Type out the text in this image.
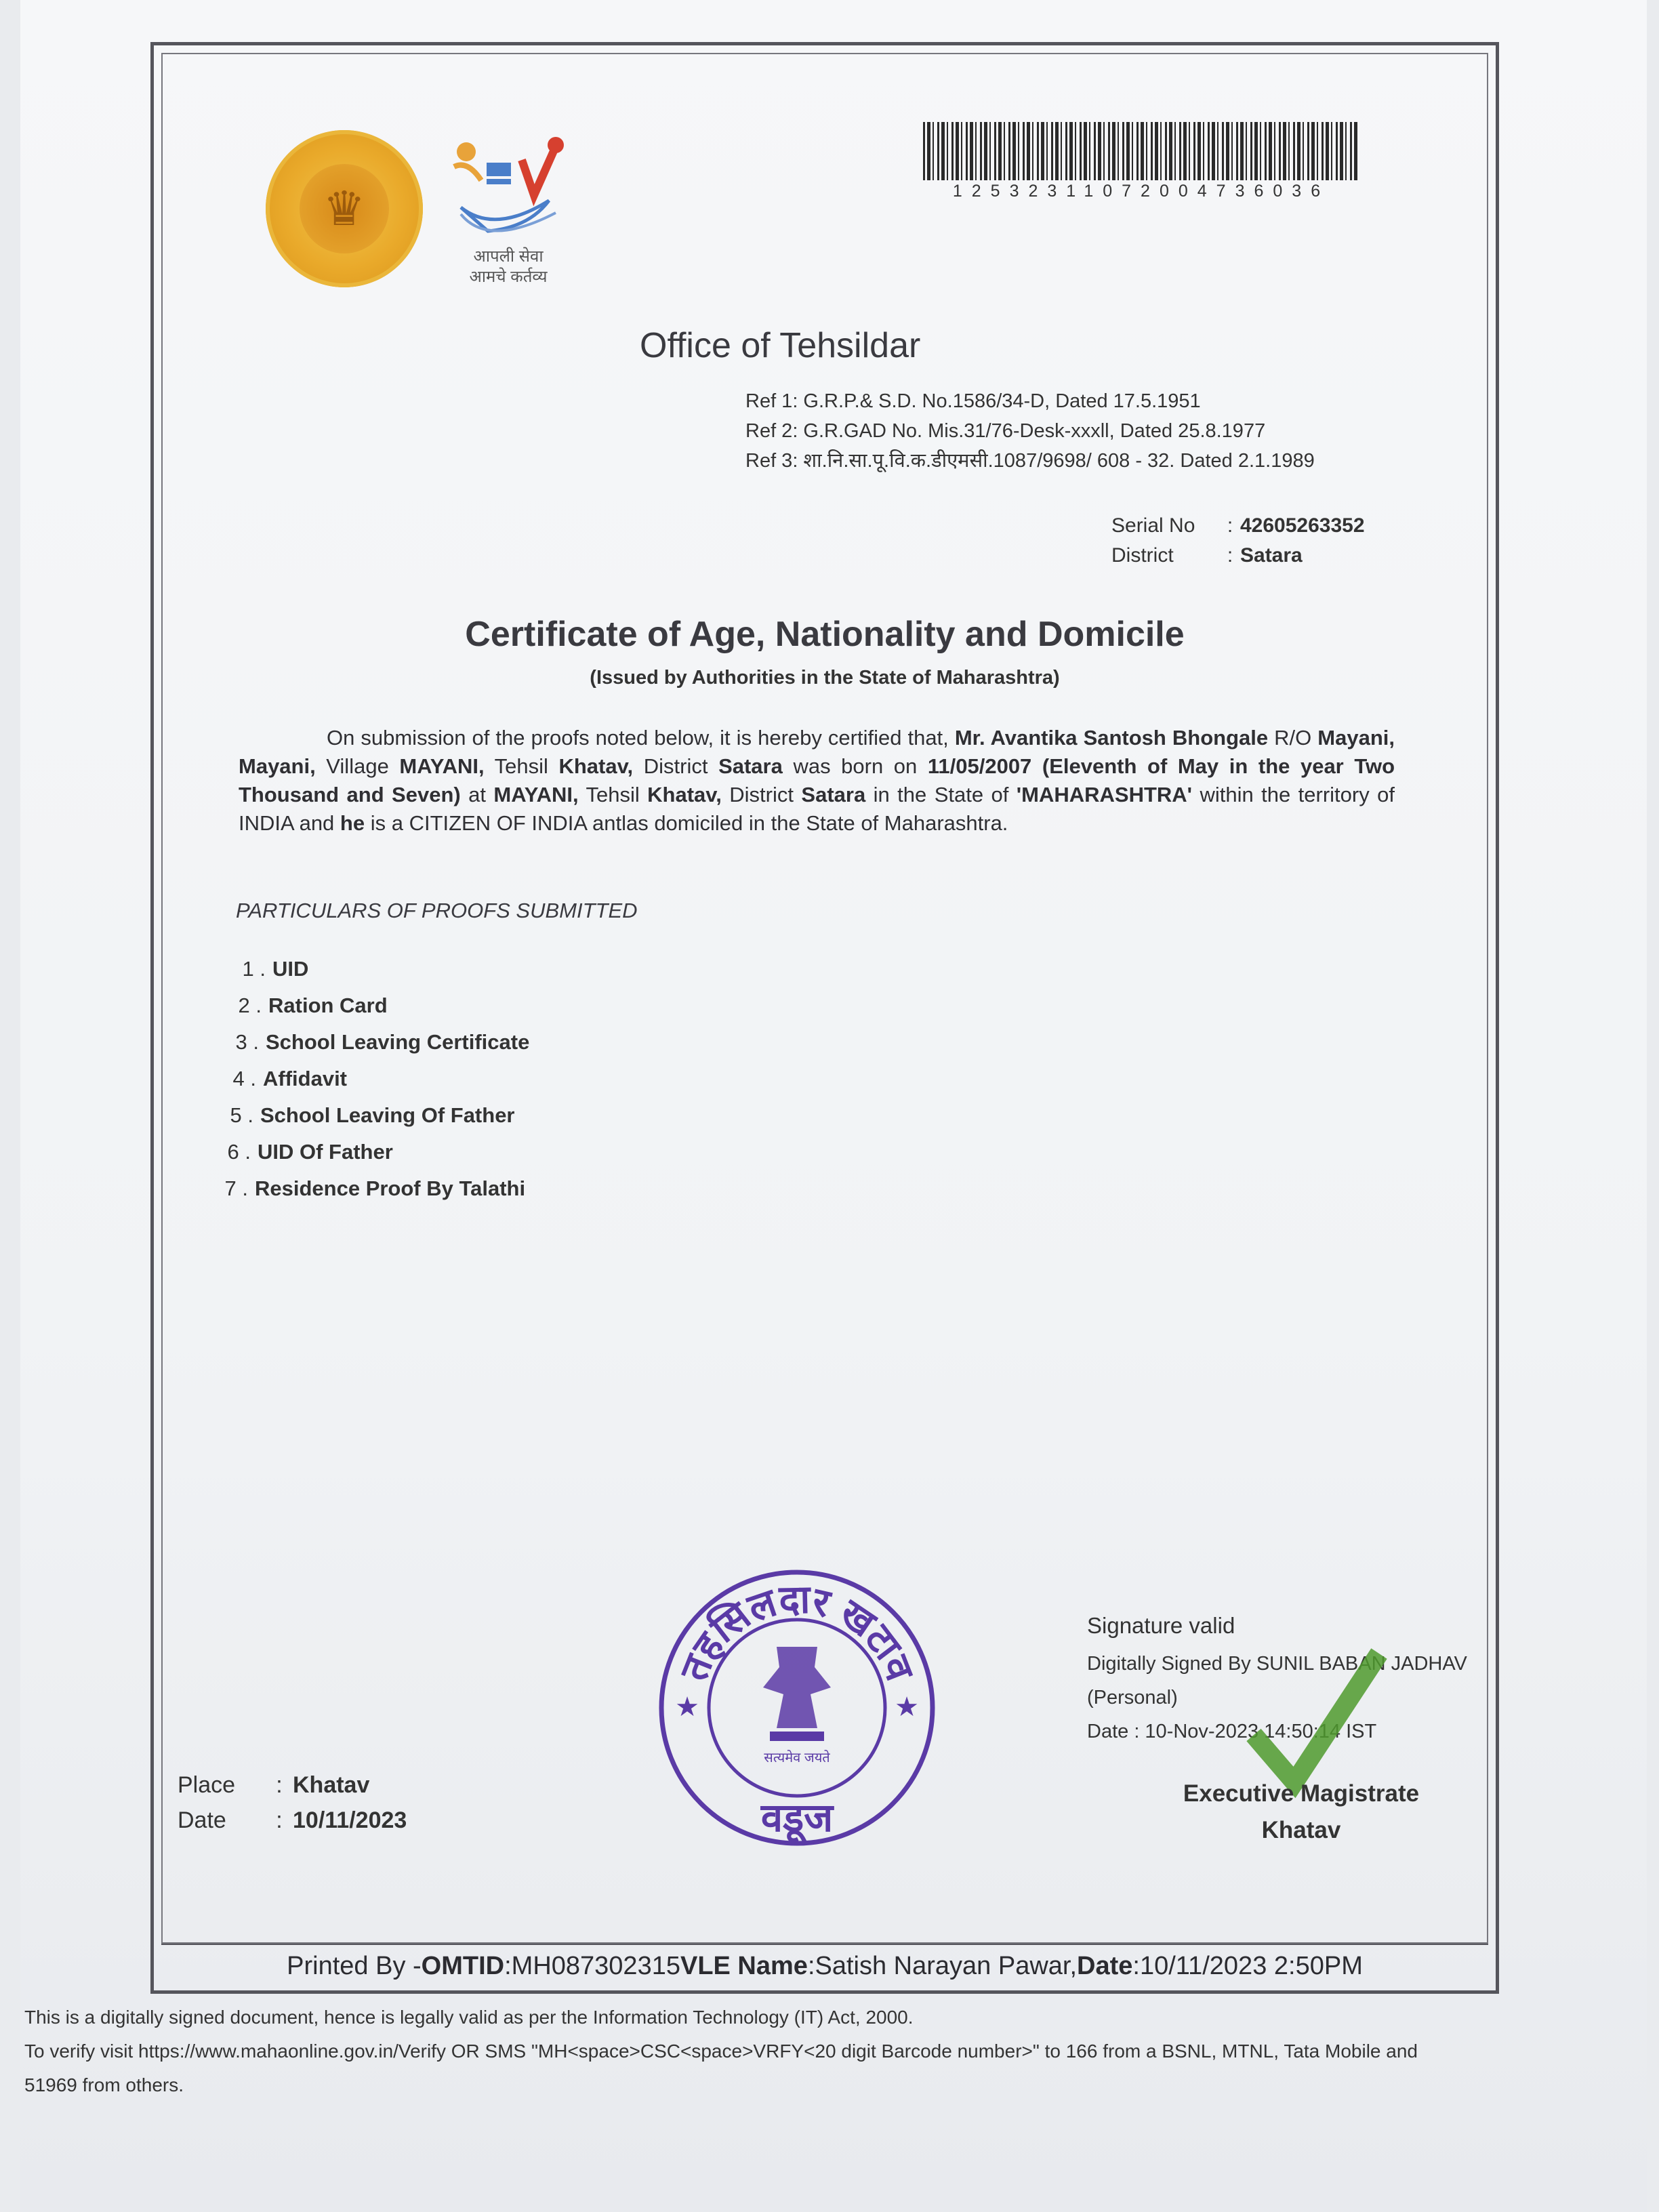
♛
आपली सेवा
आमचे कर्तव्य
125323110720047360​36
Office of Tehsildar
Ref 1: G.R.P.& S.D. No.1586/34-D, Dated 17.5.1951
Ref 2: G.R.GAD No. Mis.31/76-Desk-xxxll, Dated 25.8.1977
Ref 3: शा.नि.सा.पू.वि.क.डीएमसी.1087/9698/ 608 - 32. Dated 2.1.1989
Serial No : 42605263352
District	: Satara
Certificate of Age, Nationality and Domicile
(Issued by Authorities in the State of Maharashtra)
On submission of the proofs noted below, it is hereby certified that, Mr. Avantika Santosh Bhongale R/O Mayani, Mayani, Village MAYANI, Tehsil Khatav, District Satara was born on 11/05/2007 (Eleventh of May in the year Two Thousand and Seven) at MAYANI, Tehsil Khatav, District Satara in the State of 'MAHARASHTRA' within the territory of INDIA and he is a CITIZEN OF INDIA antlas domiciled in the State of Maharashtra.
PARTICULARS OF PROOFS SUBMITTED
1 . UID
2 . Ration Card
3 . School Leaving Certificate
4 . Affidavit
5 . School Leaving Of Father
6 . UID Of Father
7 . Residence Proof By Talathi
Place : Khatav
Date : 10/11/2023
तहसिलदार खटाव
वडूज
★	★
सत्यमेव जयते
Signature valid
Digitally Signed By SUNIL BABAN JADHAV
(Personal)
Date : 10-Nov-2023 14:50:14 IST
Executive Magistrate
Khatav
Printed By - OMTID :MH087302315 VLE Name :Satish Narayan Pawar, Date :10/11/2023 2:50PM
This is a digitally signed document, hence is legally valid as per the Information Technology (IT) Act, 2000.
To verify visit https://www.mahaonline.gov.in/Verify OR SMS "MH<space>CSC<space>VRFY<20 digit Barcode number>" to 166 from a BSNL, MTNL, Tata Mobile and
51969 from others.
